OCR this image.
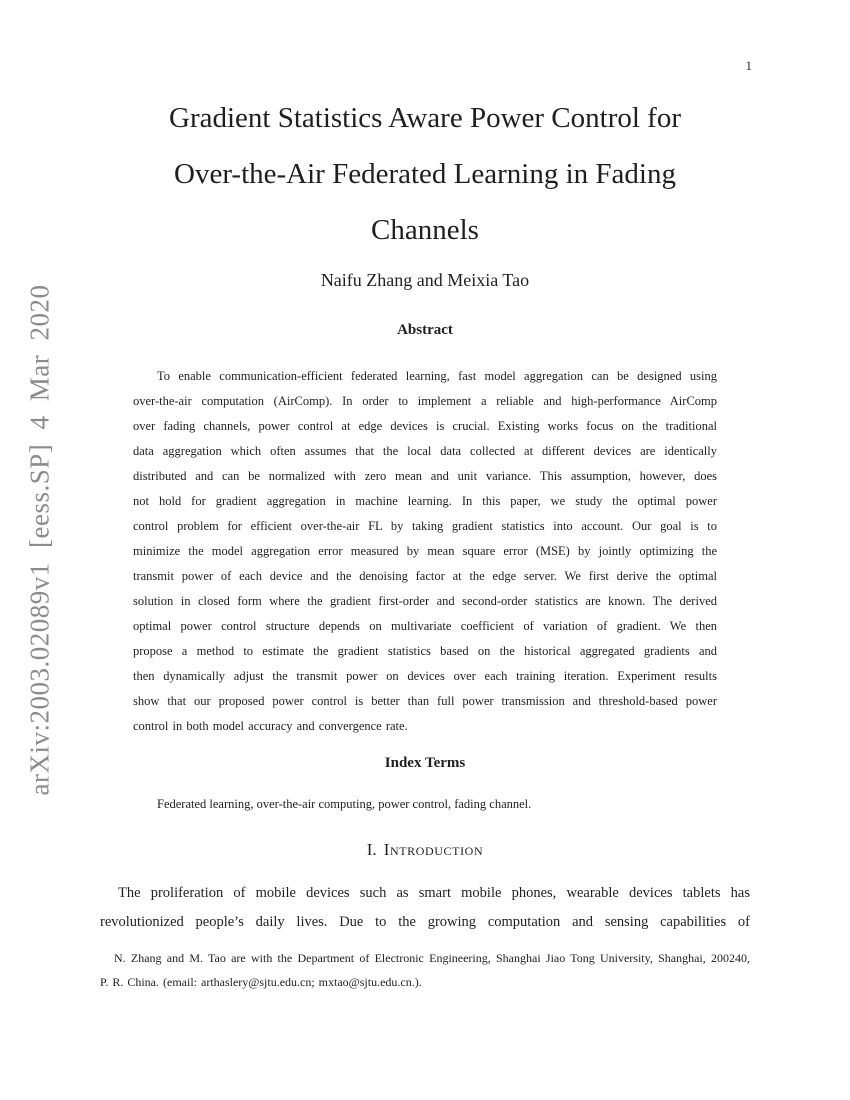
1
arXiv:2003.02089v1 [eess.SP] 4 Mar 2020
Gradient Statistics Aware Power Control for
Over-the-Air Federated Learning in Fading
Channels
Naifu Zhang and Meixia Tao
Abstract
To enable communication-efficient federated learning, fast model aggregation can be designed using
over-the-air computation (AirComp). In order to implement a reliable and high-performance AirComp
over fading channels, power control at edge devices is crucial. Existing works focus on the traditional
data aggregation which often assumes that the local data collected at different devices are identically
distributed and can be normalized with zero mean and unit variance. This assumption, however, does
not hold for gradient aggregation in machine learning. In this paper, we study the optimal power
control problem for efficient over-the-air FL by taking gradient statistics into account. Our goal is to
minimize the model aggregation error measured by mean square error (MSE) by jointly optimizing the
transmit power of each device and the denoising factor at the edge server. We first derive the optimal
solution in closed form where the gradient first-order and second-order statistics are known. The derived
optimal power control structure depends on multivariate coefficient of variation of gradient. We then
propose a method to estimate the gradient statistics based on the historical aggregated gradients and
then dynamically adjust the transmit power on devices over each training iteration. Experiment results
show that our proposed power control is better than full power transmission and threshold-based power
control in both model accuracy and convergence rate.
Index Terms
Federated learning, over-the-air computing, power control, fading channel.
I. Introduction
The proliferation of mobile devices such as smart mobile phones, wearable devices tablets has
revolutionized people’s daily lives. Due to the growing computation and sensing capabilities of
N. Zhang and M. Tao are with the Department of Electronic Engineering, Shanghai Jiao Tong University, Shanghai, 200240,
P. R. China. (email: arthaslery@sjtu.edu.cn; mxtao@sjtu.edu.cn.).
